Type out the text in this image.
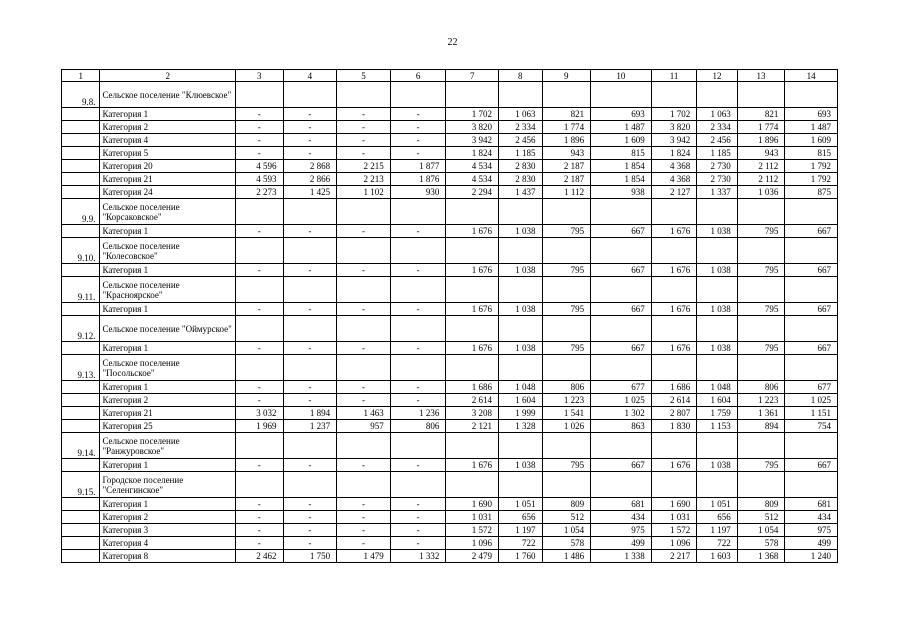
22
1	2	3	4	5	6	7	8	9	10	11	12	13	14
9.8.	Сельское поселение "Клюевское"												
	Категория 1	-	-	-	-	1 702	1 063	821	693	1 702	1 063	821	693
	Категория 2	-	-	-	-	3 820	2 334	1 774	1 487	3 820	2 334	1 774	1 487
	Категория 4	-	-	-	-	3 942	2 456	1 896	1 609	3 942	2 456	1 896	1 609
	Категория 5	-	-	-	-	1 824	1 185	943	815	1 824	1 185	943	815
	Категория 20	4 596	2 868	2 215	1 877	4 534	2 830	2 187	1 854	4 368	2 730	2 112	1 792
	Категория 21	4 593	2 866	2 213	1 876	4 534	2 830	2 187	1 854	4 368	2 730	2 112	1 792
	Категория 24	2 273	1 425	1 102	930	2 294	1 437	1 112	938	2 127	1 337	1 036	875
9.9.	Сельское поселение "Корсаковское"												
	Категория 1	-	-	-	-	1 676	1 038	795	667	1 676	1 038	795	667
9.10.	Сельское поселение "Колесовское"												
	Категория 1	-	-	-	-	1 676	1 038	795	667	1 676	1 038	795	667
9.11.	Сельское поселение "Красноярское"												
	Категория 1	-	-	-	-	1 676	1 038	795	667	1 676	1 038	795	667
9.12.	Сельское поселение "Оймурское"												
	Категория 1	-	-	-	-	1 676	1 038	795	667	1 676	1 038	795	667
9.13.	Сельское поселение "Посольское"												
	Категория 1	-	-	-	-	1 686	1 048	806	677	1 686	1 048	806	677
	Категория 2	-	-	-	-	2 614	1 604	1 223	1 025	2 614	1 604	1 223	1 025
	Категория 21	3 032	1 894	1 463	1 236	3 208	1 999	1 541	1 302	2 807	1 759	1 361	1 151
	Категория 25	1 969	1 237	957	806	2 121	1 328	1 026	863	1 830	1 153	894	754
9.14.	Сельское поселение "Ранжуровское"												
	Категория 1	-	-	-	-	1 676	1 038	795	667	1 676	1 038	795	667
9.15.	Городское поселение "Селенгинское"												
	Категория 1	-	-	-	-	1 690	1 051	809	681	1 690	1 051	809	681
	Категория 2	-	-	-	-	1 031	656	512	434	1 031	656	512	434
	Категория 3	-	-	-	-	1 572	1 197	1 054	975	1 572	1 197	1 054	975
	Категория 4	-	-	-	-	1 096	722	578	499	1 096	722	578	499
	Категория 8	2 462	1 750	1 479	1 332	2 479	1 760	1 486	1 338	2 217	1 603	1 368	1 240
